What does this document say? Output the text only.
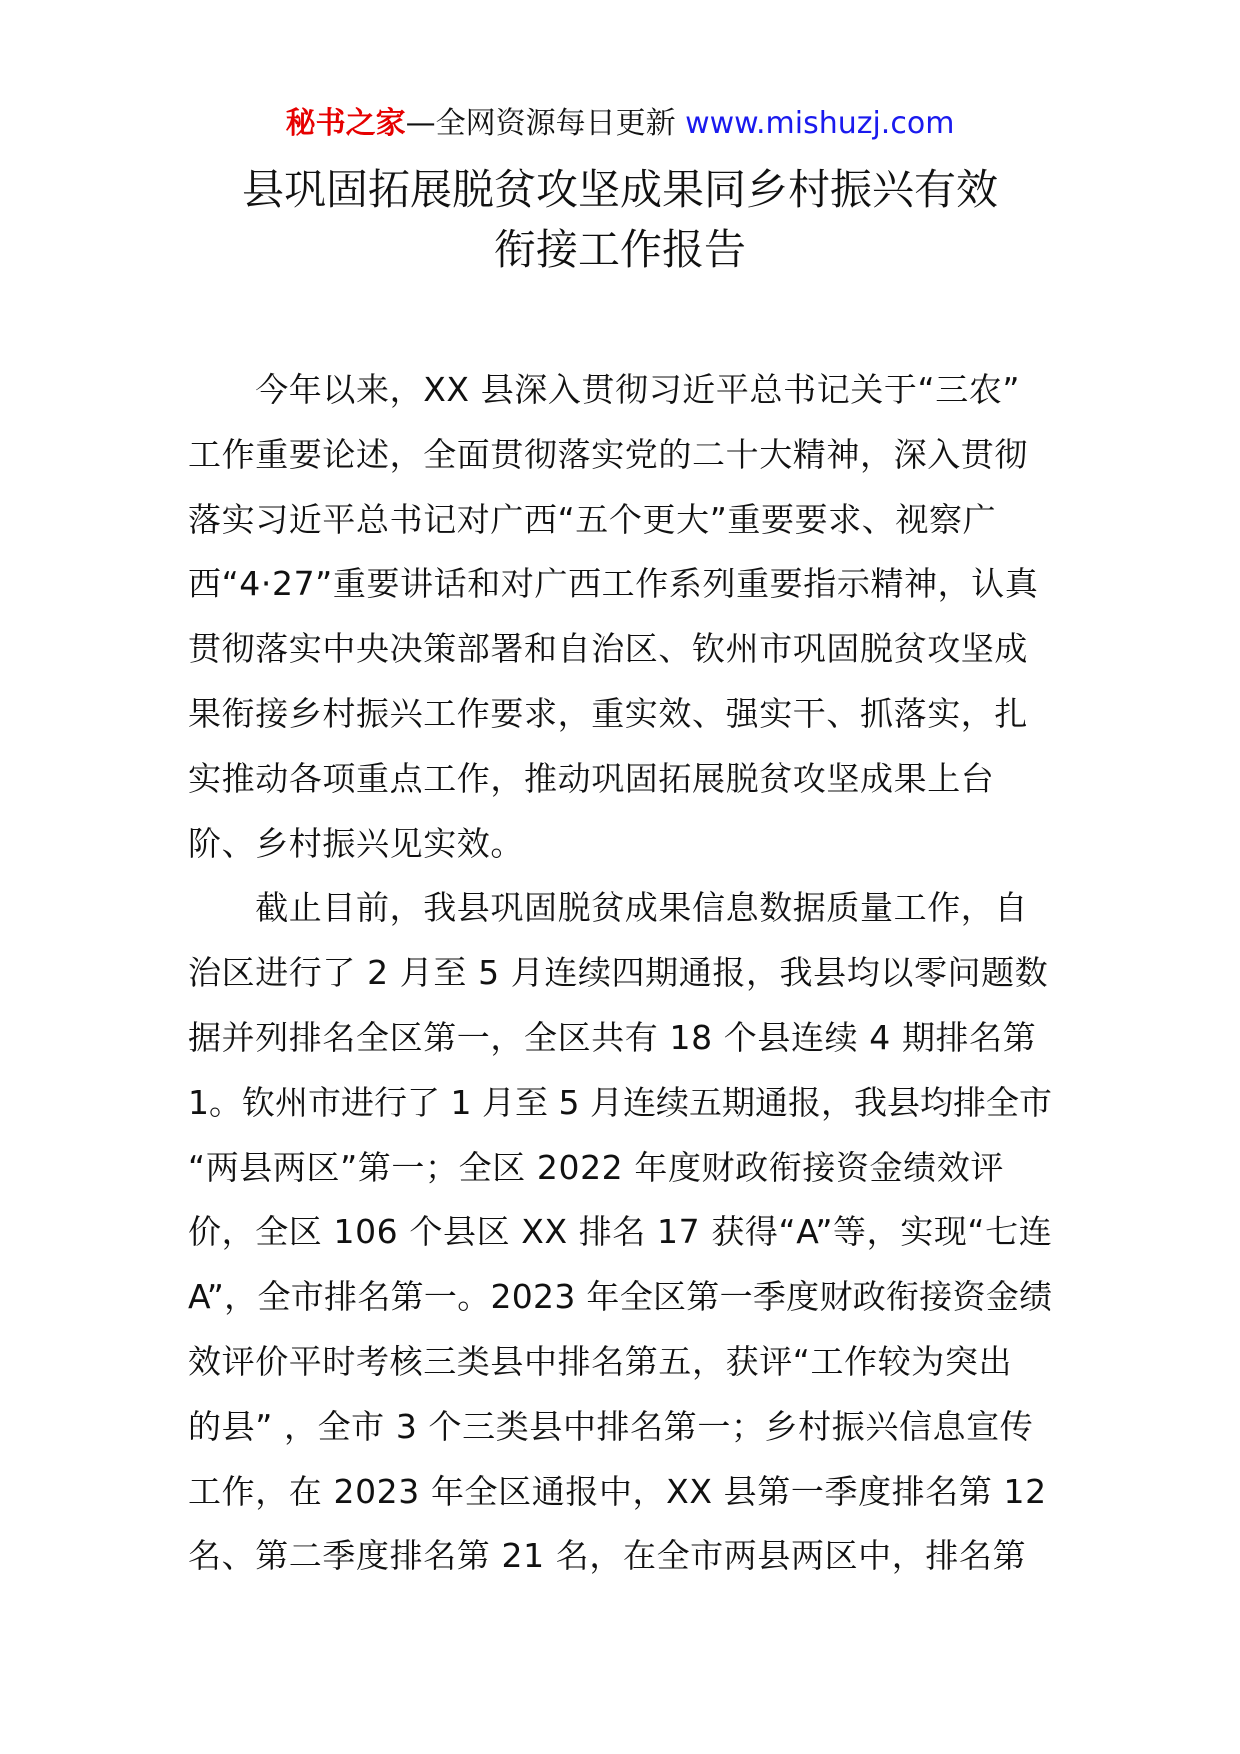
秘书之家—全网资源每日更新 www.mishuzj.com
县巩固拓展脱贫攻坚成果同乡村振兴有效
衔接工作报告
　　今年以来，XX 县深入贯彻习近平总书记关于“三农”
工作重要论述，全面贯彻落实党的二十大精神，深入贯彻
落实习近平总书记对广西“五个更大”重要要求、视察广
西“4·27”重要讲话和对广西工作系列重要指示精神，认真
贯彻落实中央决策部署和自治区、钦州市巩固脱贫攻坚成
果衔接乡村振兴工作要求，重实效、强实干、抓落实，扎
实推动各项重点工作，推动巩固拓展脱贫攻坚成果上台
阶、乡村振兴见实效。
　　截止目前，我县巩固脱贫成果信息数据质量工作，自
治区进行了 2 月至 5 月连续四期通报，我县均以零问题数
据并列排名全区第一，全区共有 18 个县连续 4 期排名第
1。钦州市进行了 1 月至 5 月连续五期通报，我县均排全市
“两县两区”第一；全区 2022 年度财政衔接资金绩效评
价，全区 106 个县区 XX 排名 17 获得“A”等，实现“七连
A”，全市排名第一。2023 年全区第一季度财政衔接资金绩
效评价平时考核三类县中排名第五，获评“工作较为突出
的县” ，全市 3 个三类县中排名第一；乡村振兴信息宣传
工作，在 2023 年全区通报中，XX 县第一季度排名第 12
名、第二季度排名第 21 名，在全市两县两区中，排名第
